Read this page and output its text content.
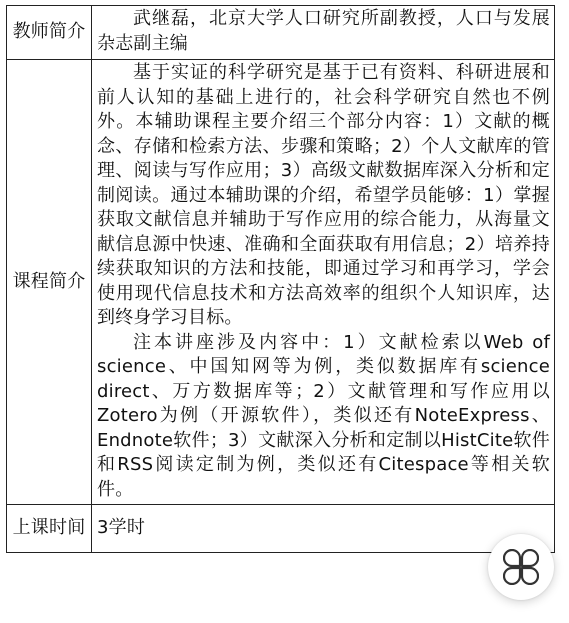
教师简介	武继磊，北京大学人口研究所副教授，人口与发展杂志副主编

课程简介	基于实证的科学研究是基于已有资料、科研进展和前人认知的基础上进行的，社会科学研究自然也不例外。本辅助课程主要介绍三个部分内容：1）文献的概念、存储和检索方法、步骤和策略；2）个人文献库的管理、阅读与写作应用；3）高级文献数据库深入分析和定制阅读。通过本辅助课的介绍，希望学员能够：1）掌握获取文献信息并辅助于写作应用的综合能力，从海量文献信息源中快速、准确和全面获取有用信息；2）培养持续获取知识的方法和技能，即通过学习和再学习，学会使用现代信息技术和方法高效率的组织个人知识库，达到终身学习目标。

注本讲座涉及内容中：1）文献检索以Web of science、中国知网等为例，类似数据库有science direct、万方数据库等；2）文献管理和写作应用以Zotero为例（开源软件），类似还有NoteExpress、Endnote软件；3）文献深入分析和定制以HistCite软件和RSS阅读定制为例，类似还有Citespace等相关软件。

上课时间	3学时
